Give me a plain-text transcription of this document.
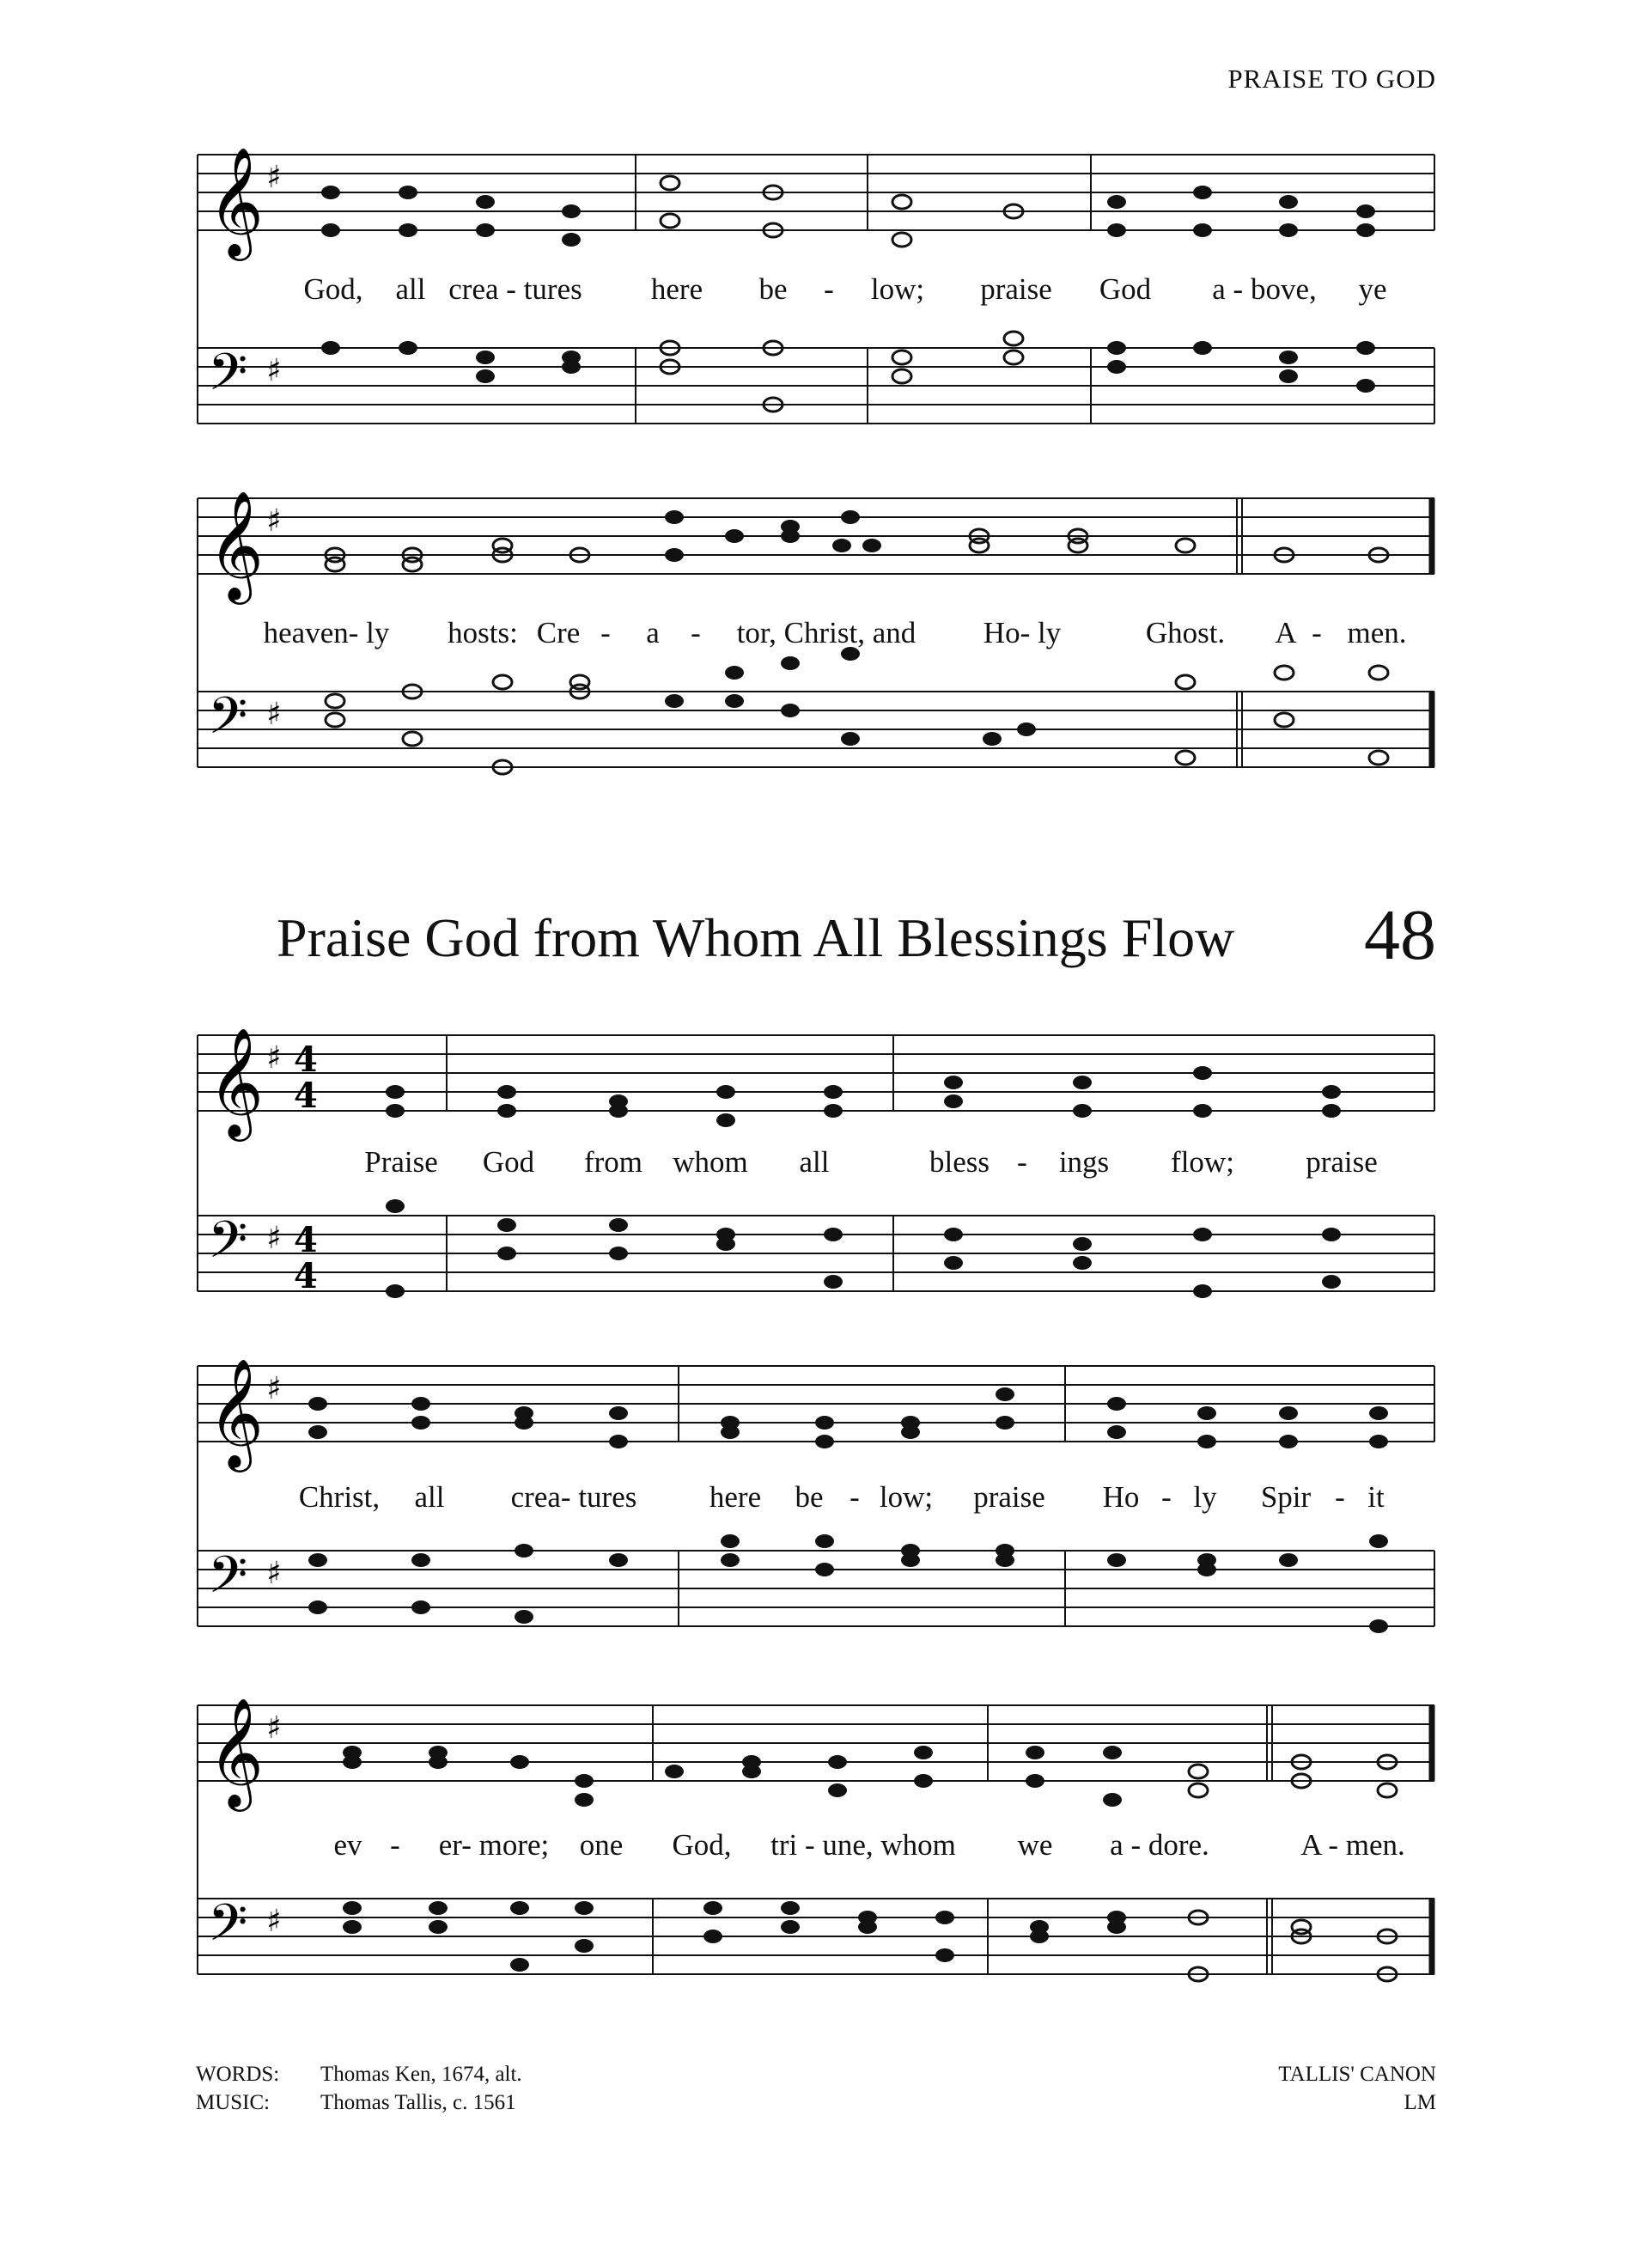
PRAISE TO GOD
𝄞
𝄢
♯
♯
God, all crea - tures here be - low; praise God a - bove, ye
𝄞
𝄢
♯
♯
heaven- ly hosts: Cre - a - tor, Christ, and Ho- ly	Ghost. A - men.
Praise God from Whom All Blessings Flow 48
𝄞
𝄢
♯
♯
4
4
4
4
Praise God from whom all	bless - ings flow; praise
𝄞
𝄢
♯
♯
Christ, all crea- tures here be - low; praise Ho - ly Spir - it
𝄞
𝄢
♯
♯
ev - er- more; one God, tri - une, whom we a - dore.	A - men.
WORDS: Thomas Ken, 1674, alt.
MUSIC: Thomas Tallis, c. 1561
TALLIS' CANON
LM
